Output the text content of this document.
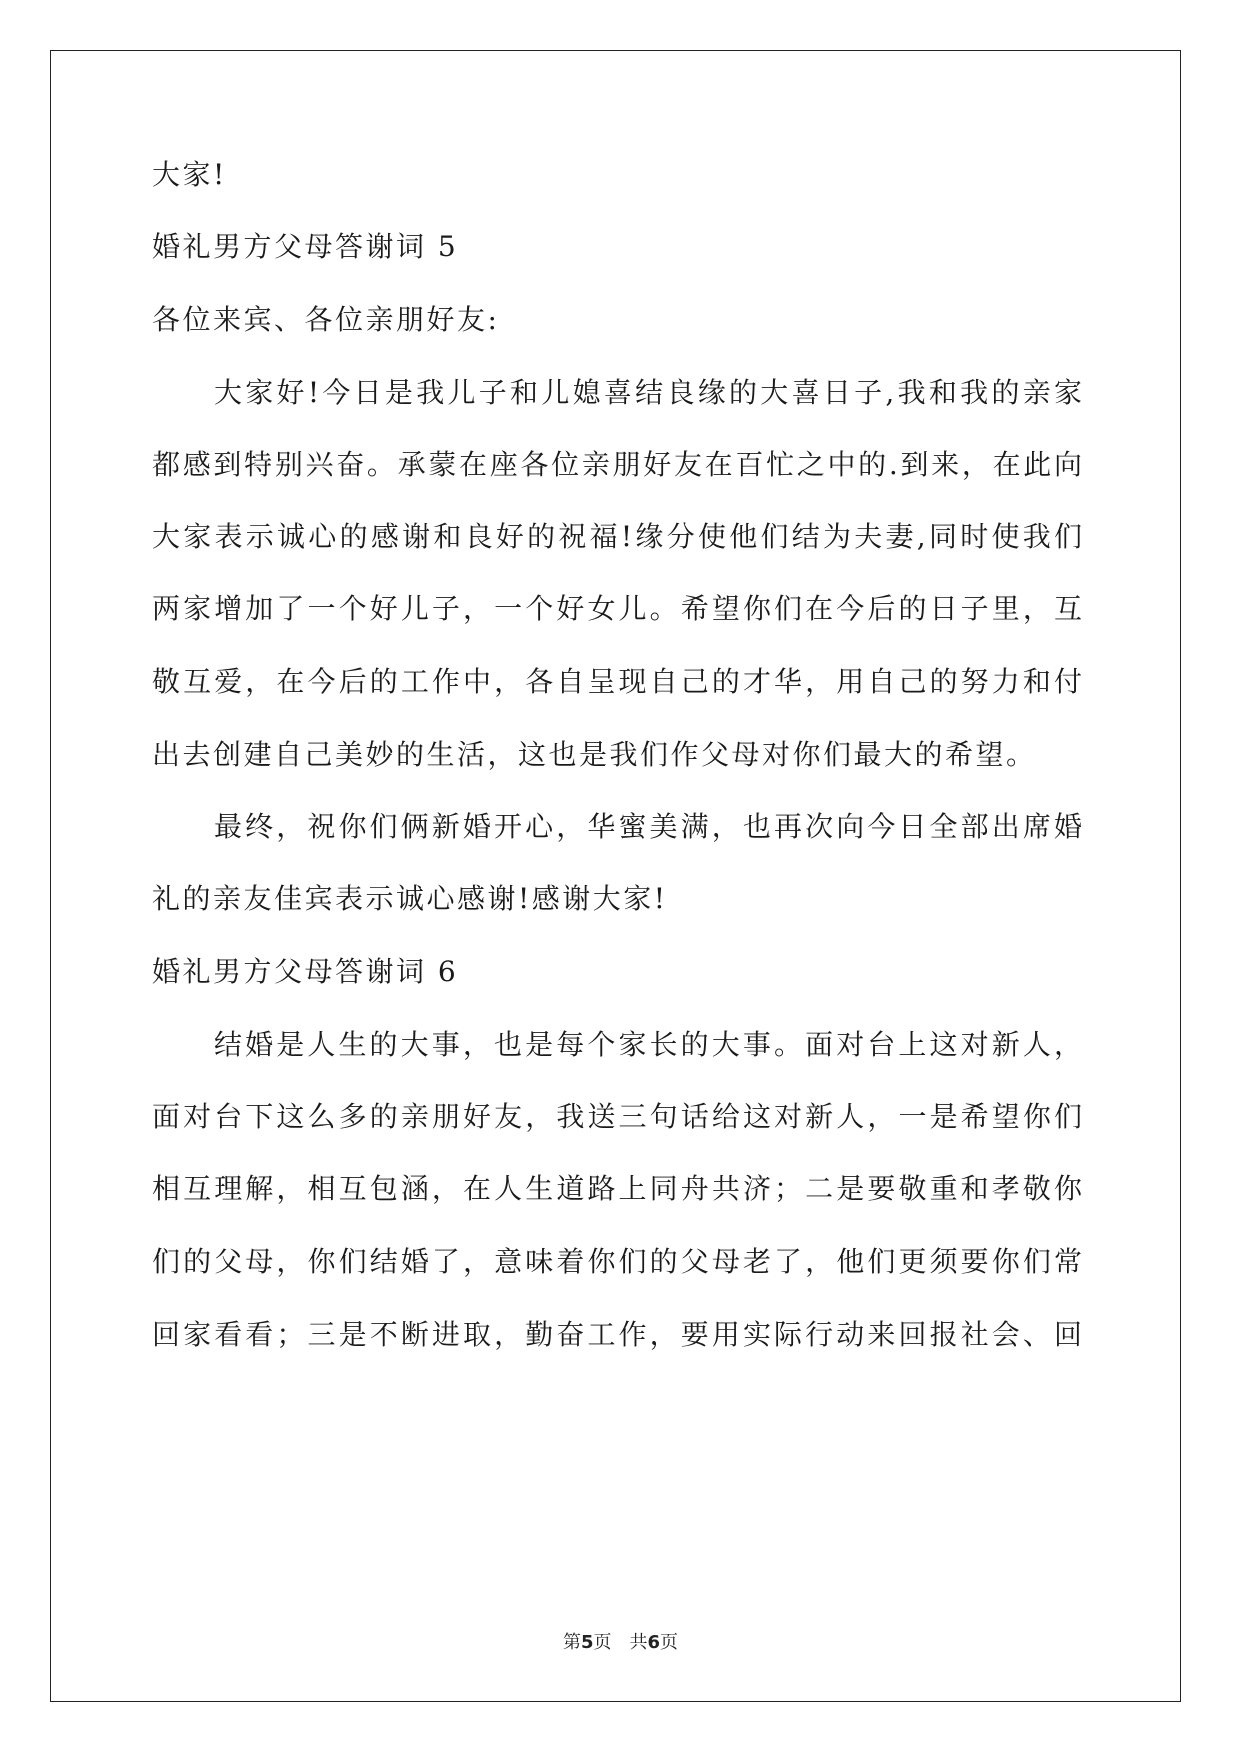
大家!
婚礼男方父母答谢词 5
各位来宾、各位亲朋好友:
大家好!今日是我儿子和儿媳喜结良缘的大喜日子,我和我的亲家
都感到特别兴奋。承蒙在座各位亲朋好友在百忙之中的.到来，在此向
大家表示诚心的感谢和良好的祝福!缘分使他们结为夫妻,同时使我们
两家增加了一个好儿子，一个好女儿。希望你们在今后的日子里，互
敬互爱，在今后的工作中，各自呈现自己的才华，用自己的努力和付
出去创建自己美妙的生活，这也是我们作父母对你们最大的希望。
最终，祝你们俩新婚开心，华蜜美满，也再次向今日全部出席婚
礼的亲友佳宾表示诚心感谢!感谢大家!
婚礼男方父母答谢词 6
结婚是人生的大事，也是每个家长的大事。面对台上这对新人，
面对台下这么多的亲朋好友，我送三句话给这对新人，一是希望你们
相互理解，相互包涵，在人生道路上同舟共济；二是要敬重和孝敬你
们的父母，你们结婚了，意味着你们的父母老了，他们更须要你们常
回家看看；三是不断进取，勤奋工作，要用实际行动来回报社会、回
第5页 共6页
